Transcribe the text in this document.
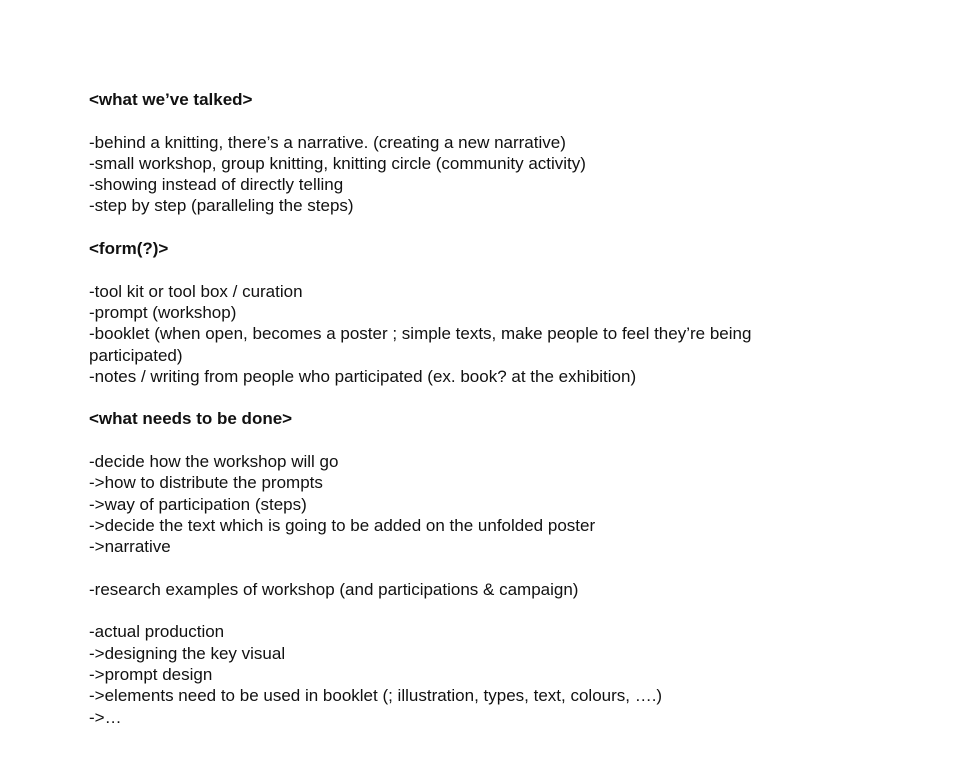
<what we’ve talked>

-behind a knitting, there’s a narrative. (creating a new narrative)

-small workshop, group knitting, knitting circle (community activity)

-showing instead of directly telling

-step by step (paralleling the steps)

<form(?)>

-tool kit or tool box / curation

-prompt (workshop)

-booklet (when open, becomes a poster ; simple texts, make people to feel they’re being participated)

-notes / writing from people who participated (ex. book? at the exhibition)

<what needs to be done>

-decide how the workshop will go

->how to distribute the prompts

->way of participation (steps)

->decide the text which is going to be added on the unfolded poster

->narrative

-research examples of workshop (and participations & campaign)

-actual production

->designing the key visual

->prompt design

->elements need to be used in booklet (; illustration, types, text, colours, ….)

->…
